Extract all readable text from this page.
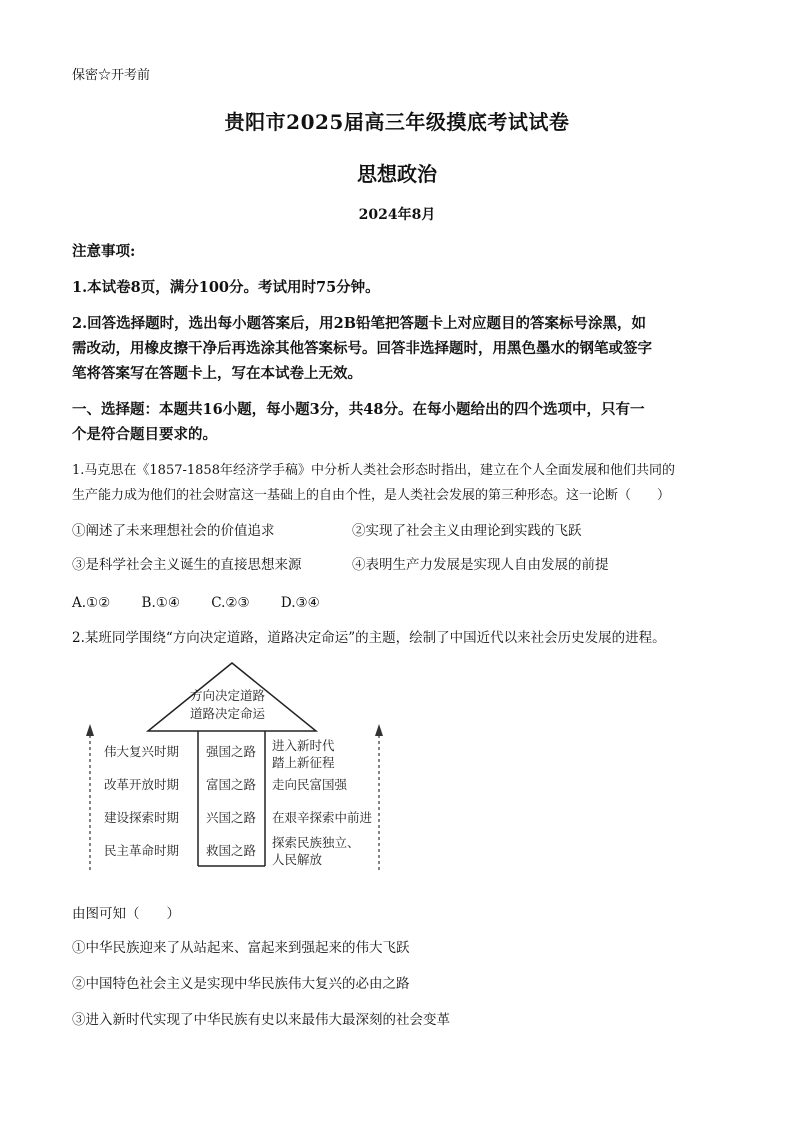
保密☆开考前
贵阳市2025届高三年级摸底考试试卷
思想政治
2024年8月
注意事项:
1.本试卷8页，满分100分。考试用时75分钟。
2.回答选择题时，选出每小题答案后，用2B铅笔把答题卡上对应题目的答案标号涂黑，如
需改动，用橡皮擦干净后再选涂其他答案标号。回答非选择题时，用黑色墨水的钢笔或签字
笔将答案写在答题卡上，写在本试卷上无效。
一、选择题：本题共16小题，每小题3分，共48分。在每小题给出的四个选项中，只有一
个是符合题目要求的。
1.马克思在《1857-1858年经济学手稿》中分析人类社会形态时指出，建立在个人全面发展和他们共同的
生产能力成为他们的社会财富这一基础上的自由个性，是人类社会发展的第三种形态。这一论断（　　）
①阐述了未来理想社会的价值追求	②实现了社会主义由理论到实践的飞跃
③是科学社会主义诞生的直接思想来源	④表明生产力发展是实现人自由发展的前提
A.①②　　 B.①④　　 C.②③　　 D.③④
2.某班同学围绕“方向决定道路，道路决定命运”的主题，绘制了中国近代以来社会历史发展的进程。
方向决定道路
道路决定命运
伟大复兴时期
改革开放时期
建设探索时期
民主革命时期
强国之路
富国之路
兴国之路
救国之路
进入新时代
踏上新征程
走向民富国强
在艰辛探索中前进
探索民族独立、
人民解放
由图可知（　　）
①中华民族迎来了从站起来、富起来到强起来的伟大飞跃
②中国特色社会主义是实现中华民族伟大复兴的必由之路
③进入新时代实现了中华民族有史以来最伟大最深刻的社会变革
